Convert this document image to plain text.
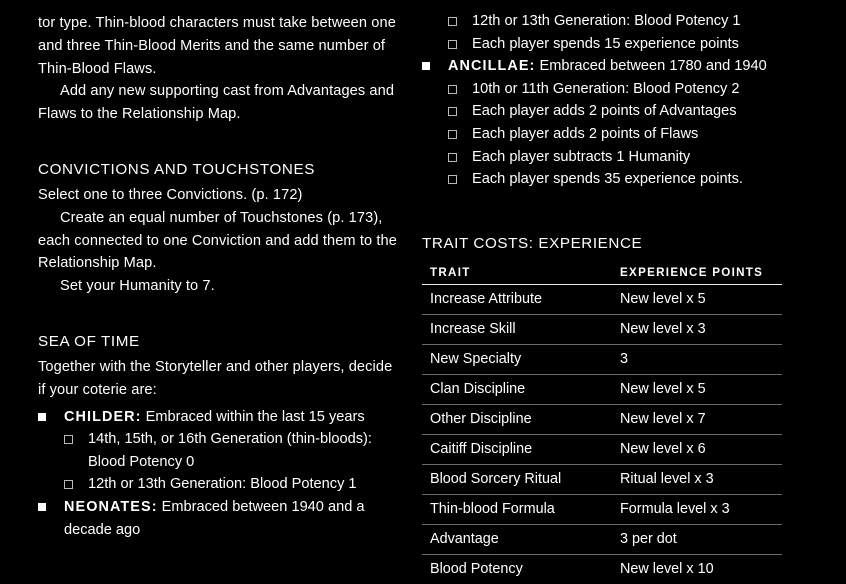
tor type. Thin-blood characters must take between one and three Thin-Blood Merits and the same number of Thin-Blood Flaws.

Add any new supporting cast from Advantages and Flaws to the Relationship Map.

CONVICTIONS AND TOUCHSTONES

Select one to three Convictions. (p. 172)

Create an equal number of Touchstones (p. 173), each connected to one Conviction and add them to the Relationship Map.

Set your Humanity to 7.

SEA OF TIME

Together with the Storyteller and other players, decide if your coterie are:

CHILDER: Embraced within the last 15 years
14th, 15th, or 16th Generation (thin-bloods): Blood Potency 0
12th or 13th Generation: Blood Potency 1
NEONATES: Embraced between 1940 and a decade ago
12th or 13th Generation: Blood Potency 1
Each player spends 15 experience points
ANCILLAE: Embraced between 1780 and 1940
10th or 11th Generation: Blood Potency 2
Each player adds 2 points of Advantages
Each player adds 2 points of Flaws
Each player subtracts 1 Humanity
Each player spends 35 experience points.
TRAIT COSTS: EXPERIENCE
TRAIT	EXPERIENCE POINTS
Increase Attribute	New level x 5
Increase Skill	New level x 3
New Specialty	3
Clan Discipline	New level x 5
Other Discipline	New level x 7
Caitiff Discipline	New level x 6
Blood Sorcery Ritual	Ritual level x 3
Thin-blood Formula	Formula level x 3
Advantage	3 per dot
Blood Potency	New level x 10
